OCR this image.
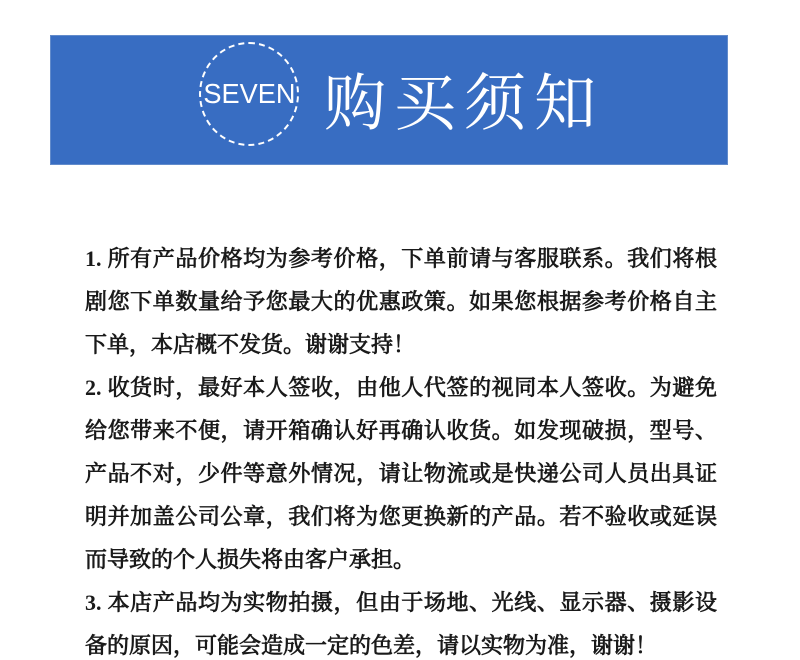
SEVEN 购买须知

1. 所有产品价格均为参考价格，下单前请与客服联系。我们将根剧您下单数量给予您最大的优惠政策。如果您根据参考价格自主下单，本店概不发货。谢谢支持！

2. 收货时，最好本人签收，由他人代签的视同本人签收。为避免给您带来不便，请开箱确认好再确认收货。如发现破损，型号、产品不对，少件等意外情况，请让物流或是快递公司人员出具证明并加盖公司公章，我们将为您更换新的产品。若不验收或延误而导致的个人损失将由客户承担。

3. 本店产品均为实物拍摄，但由于场地、光线、显示器、摄影设备的原因，可能会造成一定的色差，请以实物为准，谢谢！
